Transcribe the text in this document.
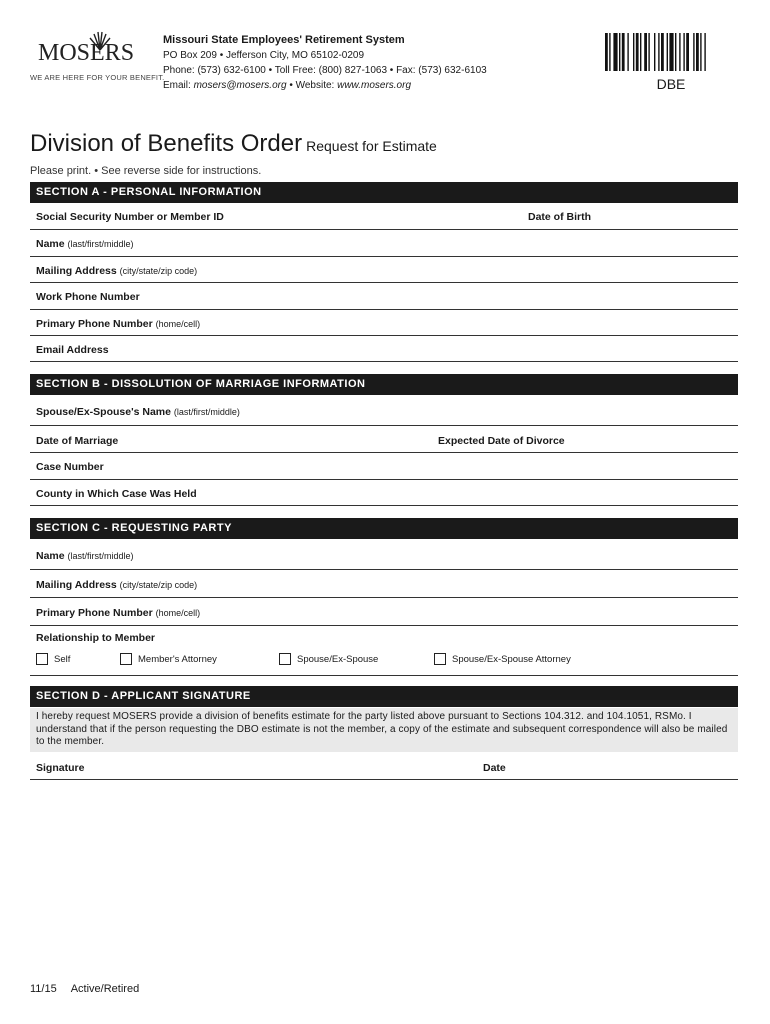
MOSERS
WE ARE HERE FOR YOUR BENEFIT.
Missouri State Employees' Retirement System
PO Box 209 • Jefferson City, MO 65102-0209
Phone: (573) 632-6100 • Toll Free: (800) 827-1063 • Fax: (573) 632-6103
Email: mosers@mosers.org • Website: www.mosers.org	DBE
Division of Benefits Order Request for Estimate
Please print. • See reverse side for instructions.
SECTION A - PERSONAL INFORMATION
Social Security Number or Member ID	Date of Birth
Name (last/first/middle)
Mailing Address (city/state/zip code)
Work Phone Number
Primary Phone Number (home/cell)
Email Address
SECTION B - DISSOLUTION OF MARRIAGE INFORMATION
Spouse/Ex-Spouse's Name (last/first/middle)
Date of Marriage	Expected Date of Divorce
Case Number
County in Which Case Was Held
SECTION C - REQUESTING PARTY
Name (last/first/middle)
Mailing Address (city/state/zip code)
Primary Phone Number (home/cell)
Relationship to Member
Self	Member's Attorney	Spouse/Ex-Spouse	Spouse/Ex-Spouse Attorney
SECTION D - APPLICANT SIGNATURE
I hereby request MOSERS provide a division of benefits estimate for the party listed above pursuant to Sections 104.312. and 104.1051, RSMo. I understand that if the person requesting the DBO estimate is not the member, a copy of the estimate and subsequent correspondence will also be mailed to the member.
Signature	Date
11/15 Active/Retired
